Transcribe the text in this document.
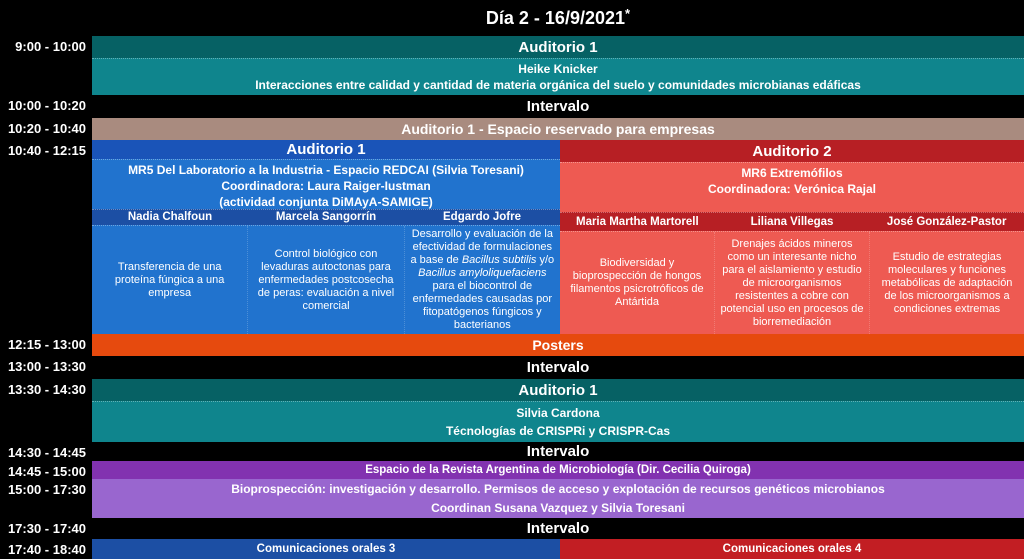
Día 2 - 16/9/2021*
9:00 - 10:00	Auditorio 1
Heike Knicker
Interacciones entre calidad y cantidad de materia orgánica del suelo y comunidades microbianas edáficas
10:00 - 10:20	Intervalo
10:20 - 10:40	Auditorio 1 - Espacio reservado para empresas
10:40 - 12:15	Auditorio 1
MR5 Del Laboratorio a la Industria - Espacio REDCAI (Silvia Toresani)
Coordinadora: Laura Raiger-Iustman
(actividad conjunta DiMAyA-SAMIGE)
Nadia Chalfoun	Marcela Sangorrín	Edgardo Jofre
Transferencia de una proteína fúngica a una empresa
Control biológico con levaduras autoctonas para enfermedades postcosecha de peras: evaluación a nivel comercial
Desarrollo y evaluación de la efectividad de formulaciones a base de Bacillus subtilis y/o Bacillus amyloliquefaciens para el biocontrol de enfermedades causadas por fitopatógenos fúngicos y bacterianos
Auditorio 2
MR6 Extremófilos
Coordinadora: Verónica Rajal
Maria Martha Martorell	Liliana Villegas	José González-Pastor
Biodiversidad y bioprospección de hongos filamentos psicrotróficos de Antártida
Drenajes ácidos mineros como un interesante nicho para el aislamiento y estudio de microorganismos resistentes a cobre con potencial uso en procesos de biorremediación
Estudio de estrategias moleculares y funciones metabólicas de adaptación de los microorganismos a condiciones extremas
12:15 - 13:00	Posters
13:00 - 13:30	Intervalo
13:30 - 14:30	Auditorio 1
Silvia Cardona
Técnologías de CRISPRi y CRISPR-Cas
14:30 - 14:45	Intervalo
14:45 - 15:00	Espacio de la Revista Argentina de Microbiología (Dir. Cecilia Quiroga)
15:00 - 17:30	Bioprospección: investigación y desarrollo. Permisos de acceso y explotación de recursos genéticos microbianos
Coordinan Susana Vazquez y Silvia Toresani
17:30 - 17:40	Intervalo
17:40 - 18:40	Comunicaciones orales 3	Comunicaciones orales 4
